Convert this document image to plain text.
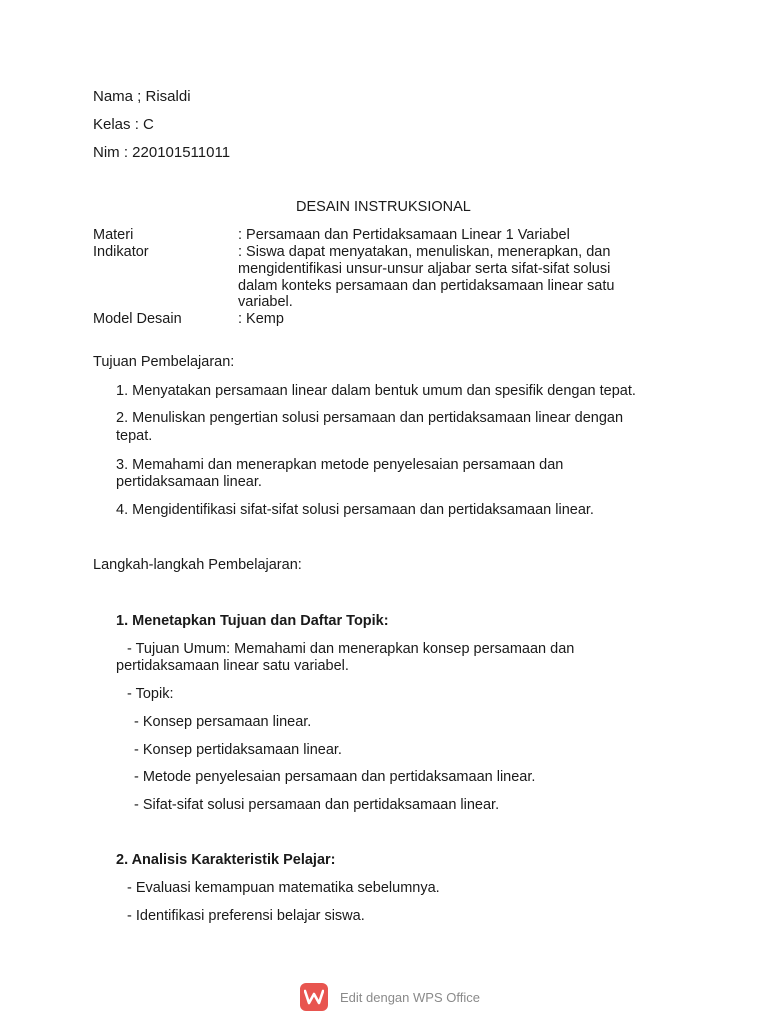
Nama ; Risaldi
Kelas : C
Nim : 220101511011
DESAIN INSTRUKSIONAL
Materi	: Persamaan dan Pertidaksamaan Linear 1 Variabel
Indikator	: Siswa dapat menyatakan, menuliskan, menerapkan, dan
mengidentifikasi unsur-unsur aljabar serta sifat-sifat solusi
dalam konteks persamaan dan pertidaksamaan linear satu
variabel.
Model Desain	: Kemp
Tujuan Pembelajaran:
1. Menyatakan persamaan linear dalam bentuk umum dan spesifik dengan tepat.
2. Menuliskan pengertian solusi persamaan dan pertidaksamaan linear dengan
tepat.
3. Memahami dan menerapkan metode penyelesaian persamaan dan
pertidaksamaan linear.
4. Mengidentifikasi sifat-sifat solusi persamaan dan pertidaksamaan linear.
Langkah-langkah Pembelajaran:
1. Menetapkan Tujuan dan Daftar Topik:
- Tujuan Umum: Memahami dan menerapkan konsep persamaan dan
pertidaksamaan linear satu variabel.
- Topik:
- Konsep persamaan linear.
- Konsep pertidaksamaan linear.
- Metode penyelesaian persamaan dan pertidaksamaan linear.
- Sifat-sifat solusi persamaan dan pertidaksamaan linear.
2. Analisis Karakteristik Pelajar:
- Evaluasi kemampuan matematika sebelumnya.
- Identifikasi preferensi belajar siswa.
Edit dengan WPS Office
